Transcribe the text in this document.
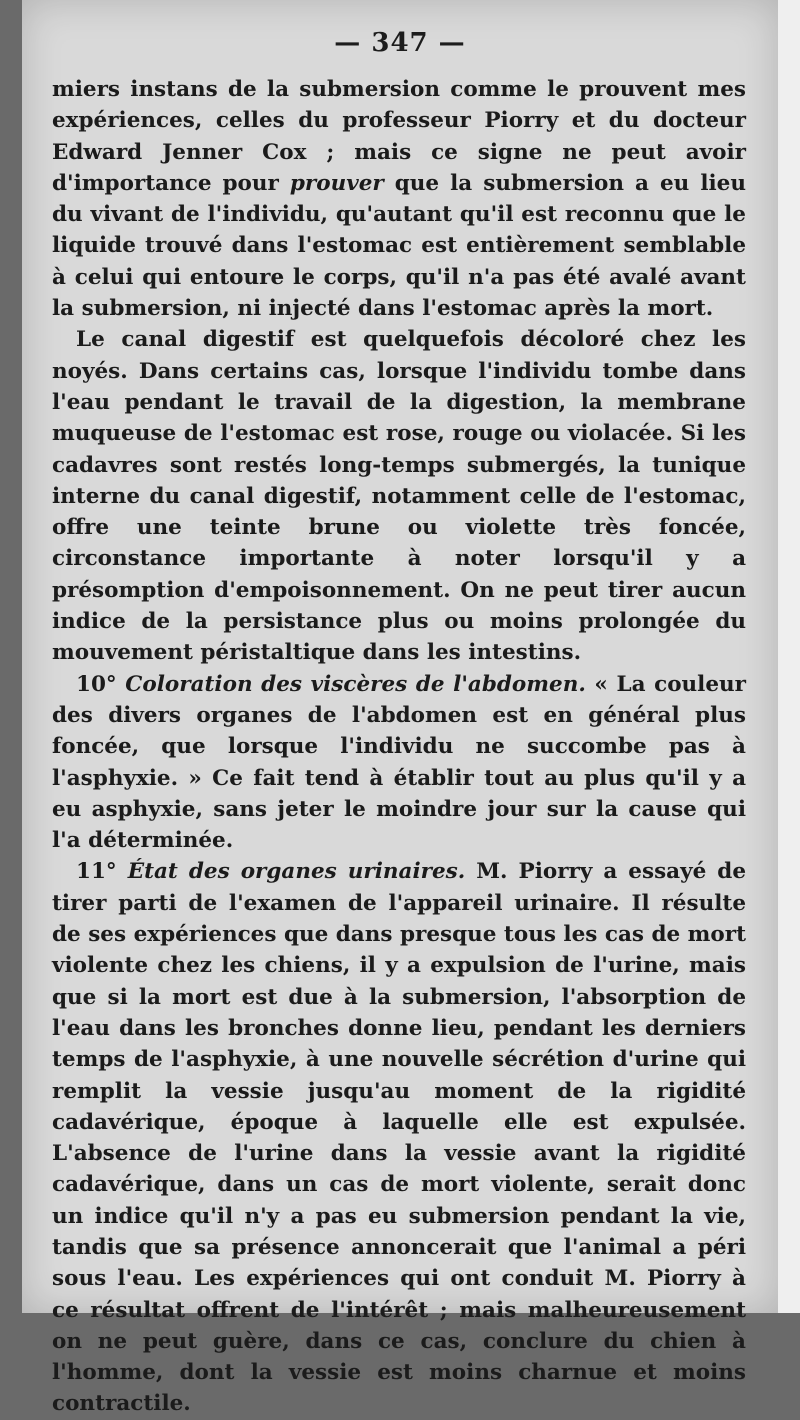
— 347 —

miers instans de la submersion comme le prouvent mes expériences, celles du professeur Piorry et du docteur Edward Jenner Cox ; mais ce signe ne peut avoir d'importance pour prouver que la submersion a eu lieu du vivant de l'individu, qu'autant qu'il est reconnu que le liquide trouvé dans l'estomac est entièrement semblable à celui qui entoure le corps, qu'il n'a pas été avalé avant la submersion, ni injecté dans l'estomac après la mort.

Le canal digestif est quelquefois décoloré chez les noyés. Dans certains cas, lorsque l'individu tombe dans l'eau pendant le travail de la digestion, la membrane muqueuse de l'estomac est rose, rouge ou violacée. Si les cadavres sont restés long-temps submergés, la tunique interne du canal digestif, notamment celle de l'estomac, offre une teinte brune ou violette très foncée, circonstance importante à noter lorsqu'il y a présomption d'empoisonnement. On ne peut tirer aucun indice de la persistance plus ou moins prolongée du mouvement péristaltique dans les intestins.

10° Coloration des viscères de l'abdomen. « La couleur des divers organes de l'abdomen est en général plus foncée, que lorsque l'individu ne succombe pas à l'asphyxie. » Ce fait tend à établir tout au plus qu'il y a eu asphyxie, sans jeter le moindre jour sur la cause qui l'a déterminée.

11° État des organes urinaires. M. Piorry a essayé de tirer parti de l'examen de l'appareil urinaire. Il résulte de ses expériences que dans presque tous les cas de mort violente chez les chiens, il y a expulsion de l'urine, mais que si la mort est due à la submersion, l'absorption de l'eau dans les bronches donne lieu, pendant les derniers temps de l'asphyxie, à une nouvelle sécrétion d'urine qui remplit la vessie jusqu'au moment de la rigidité cadavérique, époque à laquelle elle est expulsée. L'absence de l'urine dans la vessie avant la rigidité cadavérique, dans un cas de mort violente, serait donc un indice qu'il n'y a pas eu submersion pendant la vie, tandis que sa présence annoncerait que l'animal a péri sous l'eau. Les expériences qui ont conduit M. Piorry à ce résultat offrent de l'intérêt ; mais malheureusement on ne peut guère, dans ce cas, conclure du chien à l'homme, dont la vessie est moins charnue et moins contractile.
